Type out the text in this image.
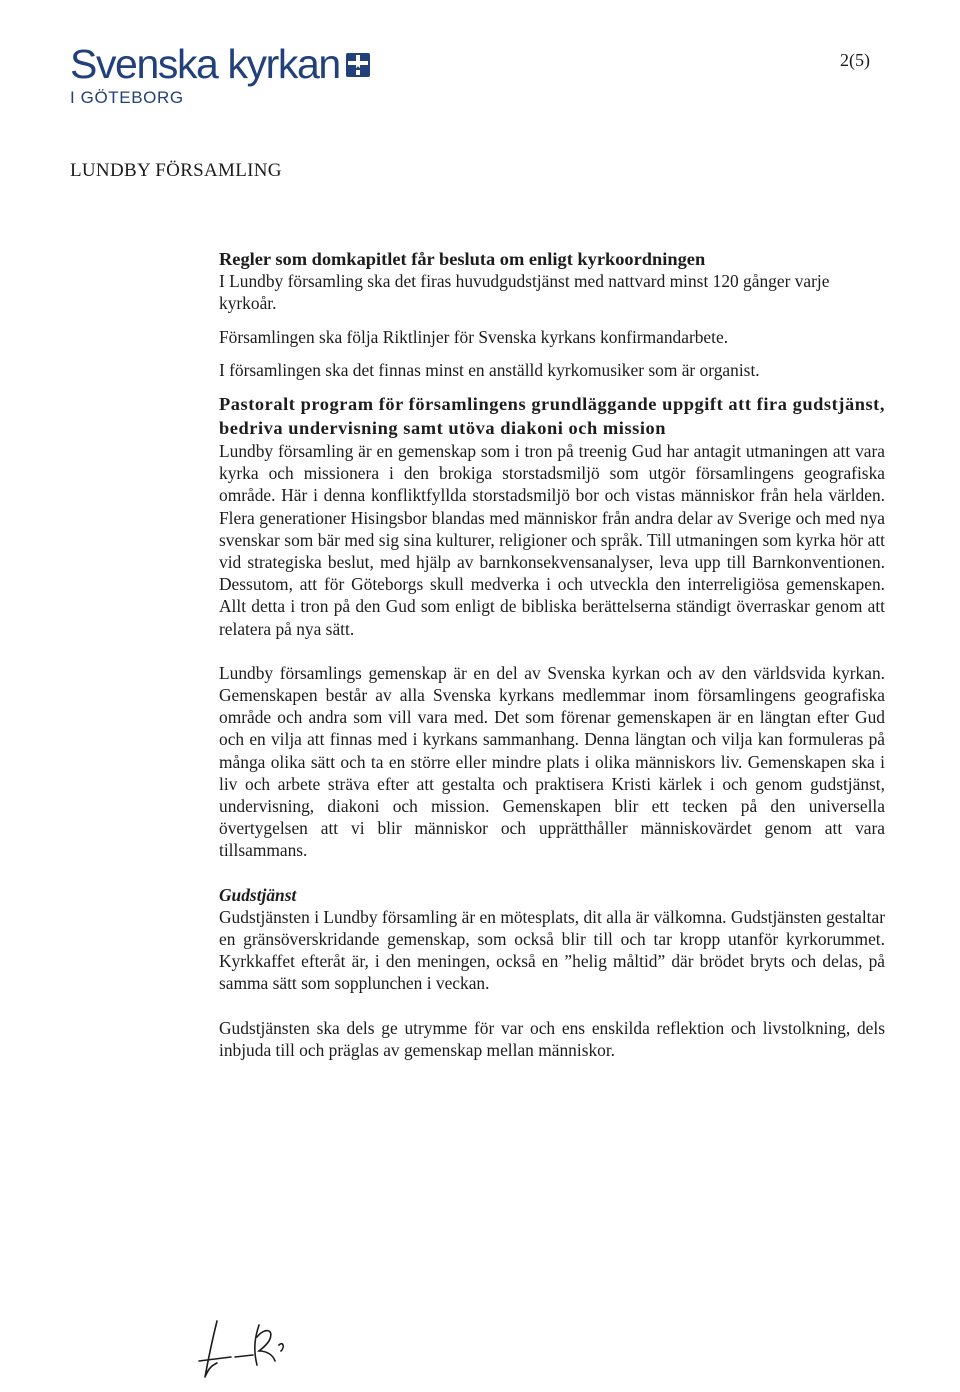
Svenska kyrkan
I GÖTEBORG
2(5)
LUNDBY FÖRSAMLING

Regler som domkapitlet får besluta om enligt kyrkoordningen

I Lundby församling ska det firas huvudgudstjänst med nattvard minst 120 gånger varje kyrkoår.

Församlingen ska följa Riktlinjer för Svenska kyrkans konfirmandarbete.

I församlingen ska det finnas minst en anställd kyrkomusiker som är organist.

Pastoralt program för församlingens grundläggande uppgift att fira gudstjänst, bedriva undervisning samt utöva diakoni och mission

Lundby församling är en gemenskap som i tron på treenig Gud har antagit utmaningen att vara kyrka och missionera i den brokiga storstadsmiljö som utgör församlingens geografiska område. Här i denna konfliktfyllda storstadsmiljö bor och vistas människor från hela världen. Flera generationer Hisingsbor blandas med människor från andra delar av Sverige och med nya svenskar som bär med sig sina kulturer, religioner och språk. Till utmaningen som kyrka hör att vid strategiska beslut, med hjälp av barnkonsekvensanalyser, leva upp till Barnkonventionen. Dessutom, att för Göteborgs skull medverka i och utveckla den interreligiösa gemenskapen. Allt detta i tron på den Gud som enligt de bibliska berättelserna ständigt överraskar genom att relatera på nya sätt.

Lundby församlings gemenskap är en del av Svenska kyrkan och av den världsvida kyrkan. Gemenskapen består av alla Svenska kyrkans medlemmar inom församlingens geografiska område och andra som vill vara med. Det som förenar gemenskapen är en längtan efter Gud och en vilja att finnas med i kyrkans sammanhang. Denna längtan och vilja kan formuleras på många olika sätt och ta en större eller mindre plats i olika människors liv. Gemenskapen ska i liv och arbete sträva efter att gestalta och praktisera Kristi kärlek i och genom gudstjänst, undervisning, diakoni och mission. Gemenskapen blir ett tecken på den universella övertygelsen att vi blir människor och upprätthåller människovärdet genom att vara tillsammans.

Gudstjänst

Gudstjänsten i Lundby församling är en mötesplats, dit alla är välkomna. Gudstjänsten gestaltar en gränsöverskridande gemenskap, som också blir till och tar kropp utanför kyrkorummet. Kyrkkaffet efteråt är, i den meningen, också en ”helig måltid” där brödet bryts och delas, på samma sätt som sopplunchen i veckan.

Gudstjänsten ska dels ge utrymme för var och ens enskilda reflektion och livstolkning, dels inbjuda till och präglas av gemenskap mellan människor.
